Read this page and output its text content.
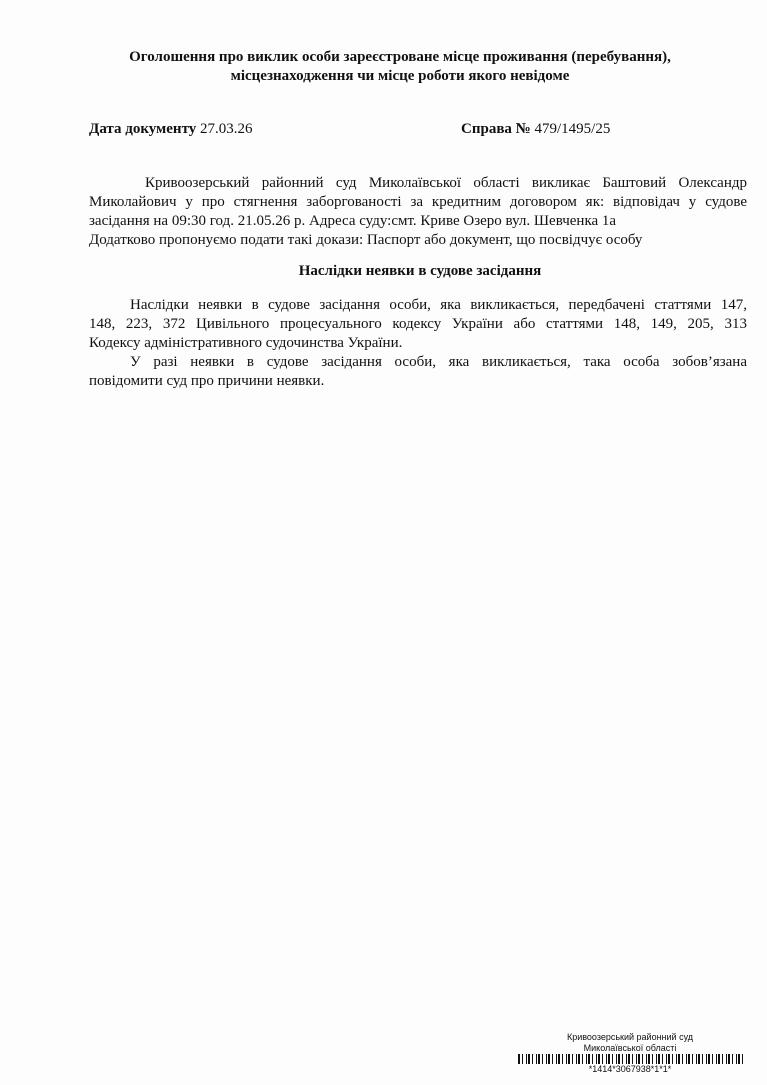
Оголошення про виклик особи зареєстроване місце проживання (перебування),
місцезнаходження чи місце роботи якого невідоме
Дата документу 27.03.26	Справа № 479/1495/25
Кривоозерський районний суд Миколаївської області викликає Баштовий Олександр
Миколайович у про стягнення заборгованості за кредитним договором як: відповідач у судове
засідання на 09:30 год. 21.05.26 р. Адреса суду:смт. Криве Озеро вул. Шевченка 1а
Додатково пропонуємо подати такі докази: Паспорт або документ, що посвідчує особу
Наслідки неявки в судове засідання
Наслідки неявки в судове засідання особи, яка викликається, передбачені статтями 147,
148, 223, 372 Цивільного процесуального кодексу України або статтями 148, 149, 205, 313
Кодексу адміністративного судочинства України.
У разі неявки в судове засідання особи, яка викликається, така особа зобов’язана
повідомити суд про причини неявки.
Кривоозерський районний суд
Миколаївської області
*1414*3067938*1*1*
